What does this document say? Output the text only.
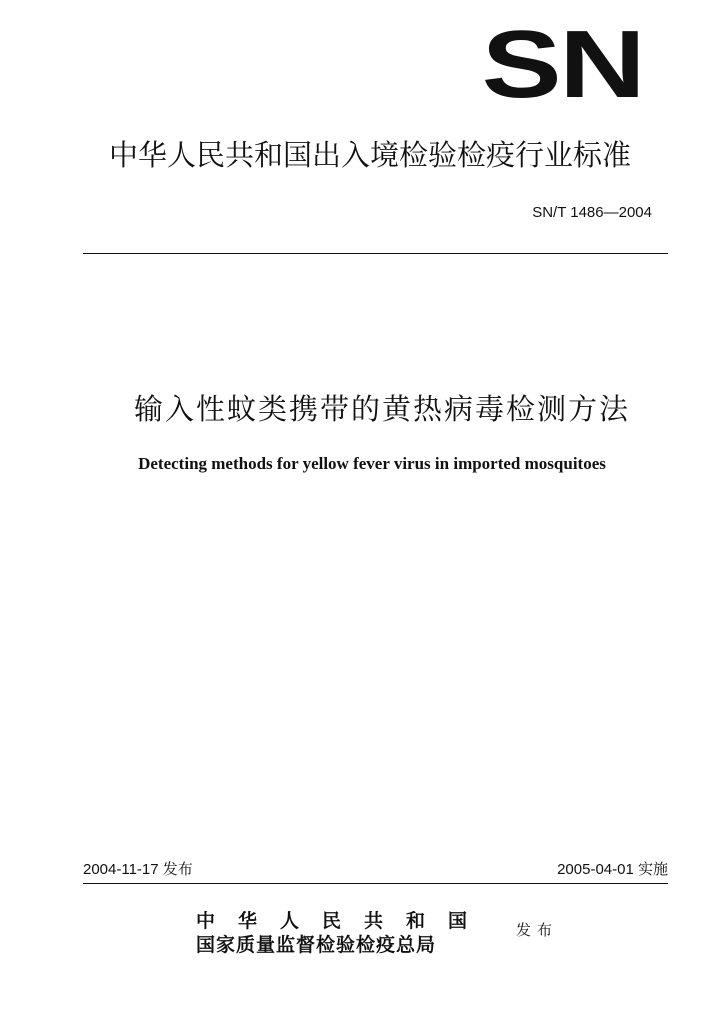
SN
中华人民共和国出入境检验检疫行业标准
SN/T 1486—2004
输入性蚊类携带的黄热病毒检测方法
Detecting methods for yellow fever virus in imported mosquitoes
2004-11-17 发布	2005-04-01 实施
中华人民共和国
国家质量监督检验检疫总局
发布
